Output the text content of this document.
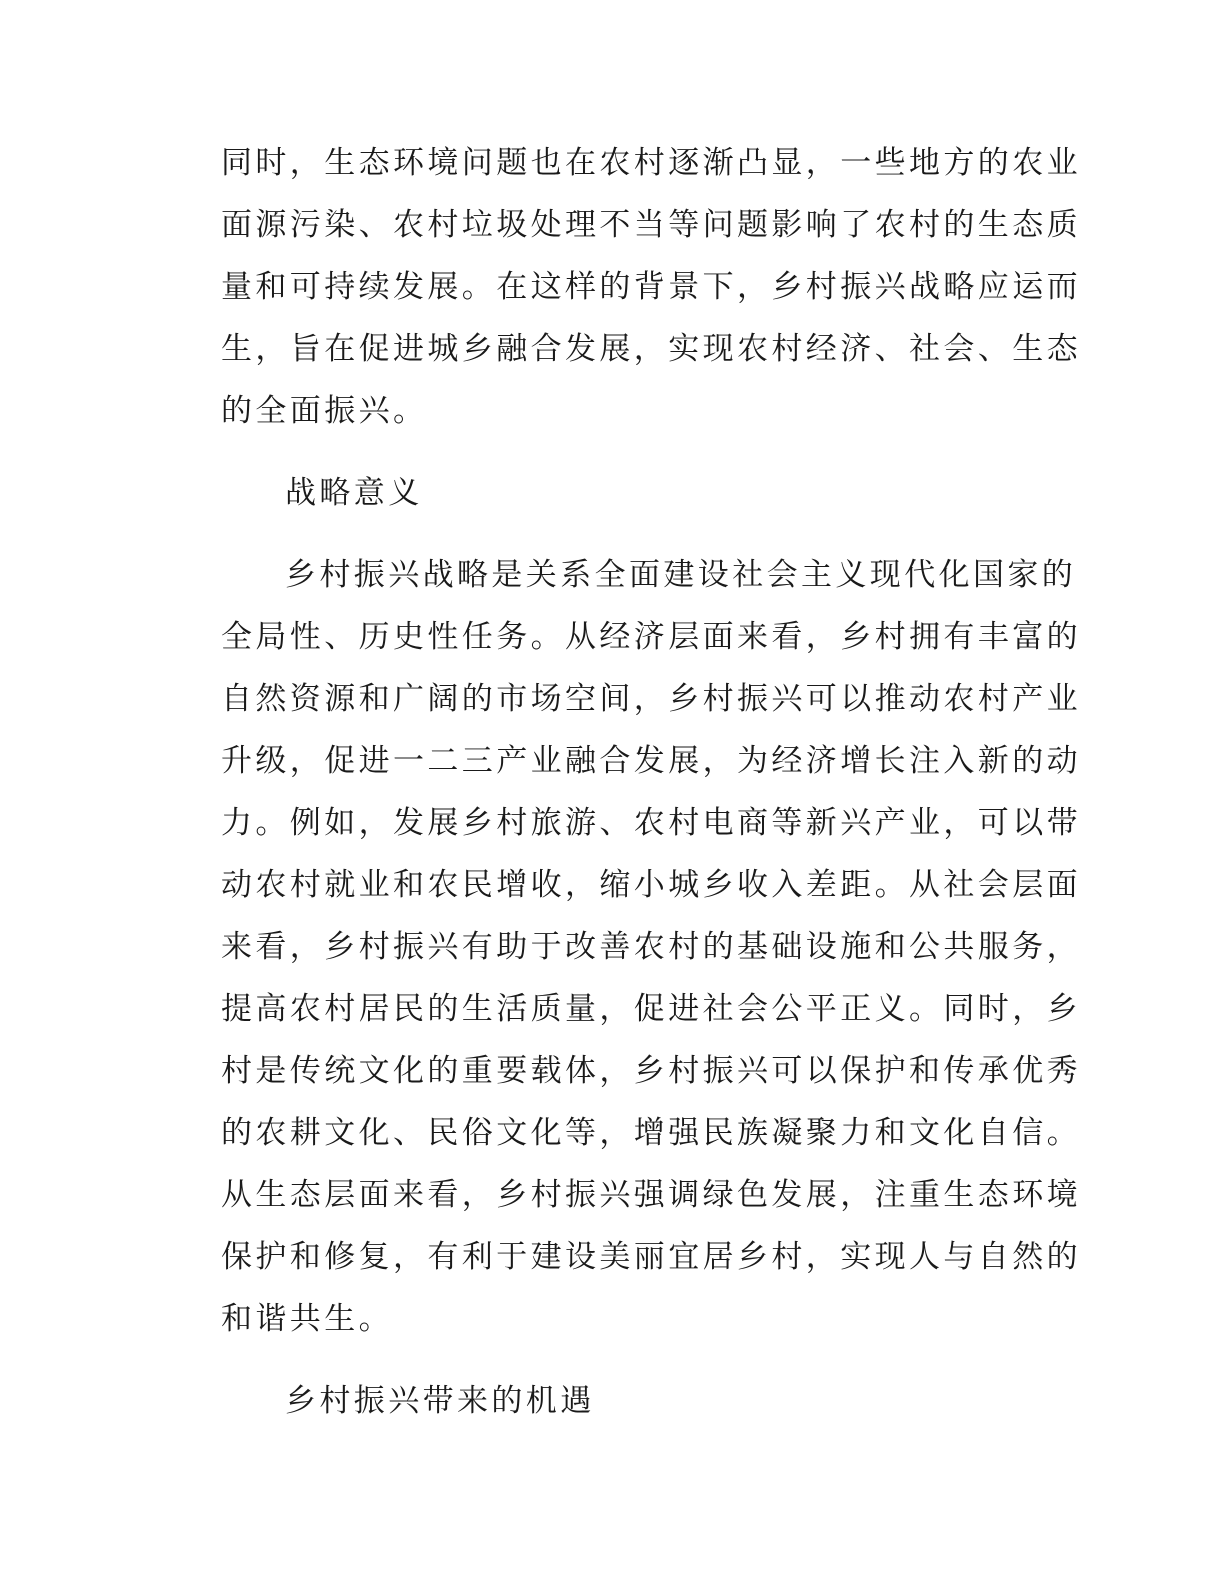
同时，生态环境问题也在农村逐渐凸显，一些地方的农业
面源污染、农村垃圾处理不当等问题影响了农村的生态质
量和可持续发展。在这样的背景下，乡村振兴战略应运而
生，旨在促进城乡融合发展，实现农村经济、社会、生态
的全面振兴。
战略意义
乡村振兴战略是关系全面建设社会主义现代化国家的
全局性、历史性任务。从经济层面来看，乡村拥有丰富的
自然资源和广阔的市场空间，乡村振兴可以推动农村产业
升级，促进一二三产业融合发展，为经济增长注入新的动
力。例如，发展乡村旅游、农村电商等新兴产业，可以带
动农村就业和农民增收，缩小城乡收入差距。从社会层面
来看，乡村振兴有助于改善农村的基础设施和公共服务，
提高农村居民的生活质量，促进社会公平正义。同时，乡
村是传统文化的重要载体，乡村振兴可以保护和传承优秀
的农耕文化、民俗文化等，增强民族凝聚力和文化自信。
从生态层面来看，乡村振兴强调绿色发展，注重生态环境
保护和修复，有利于建设美丽宜居乡村，实现人与自然的
和谐共生。
乡村振兴带来的机遇
